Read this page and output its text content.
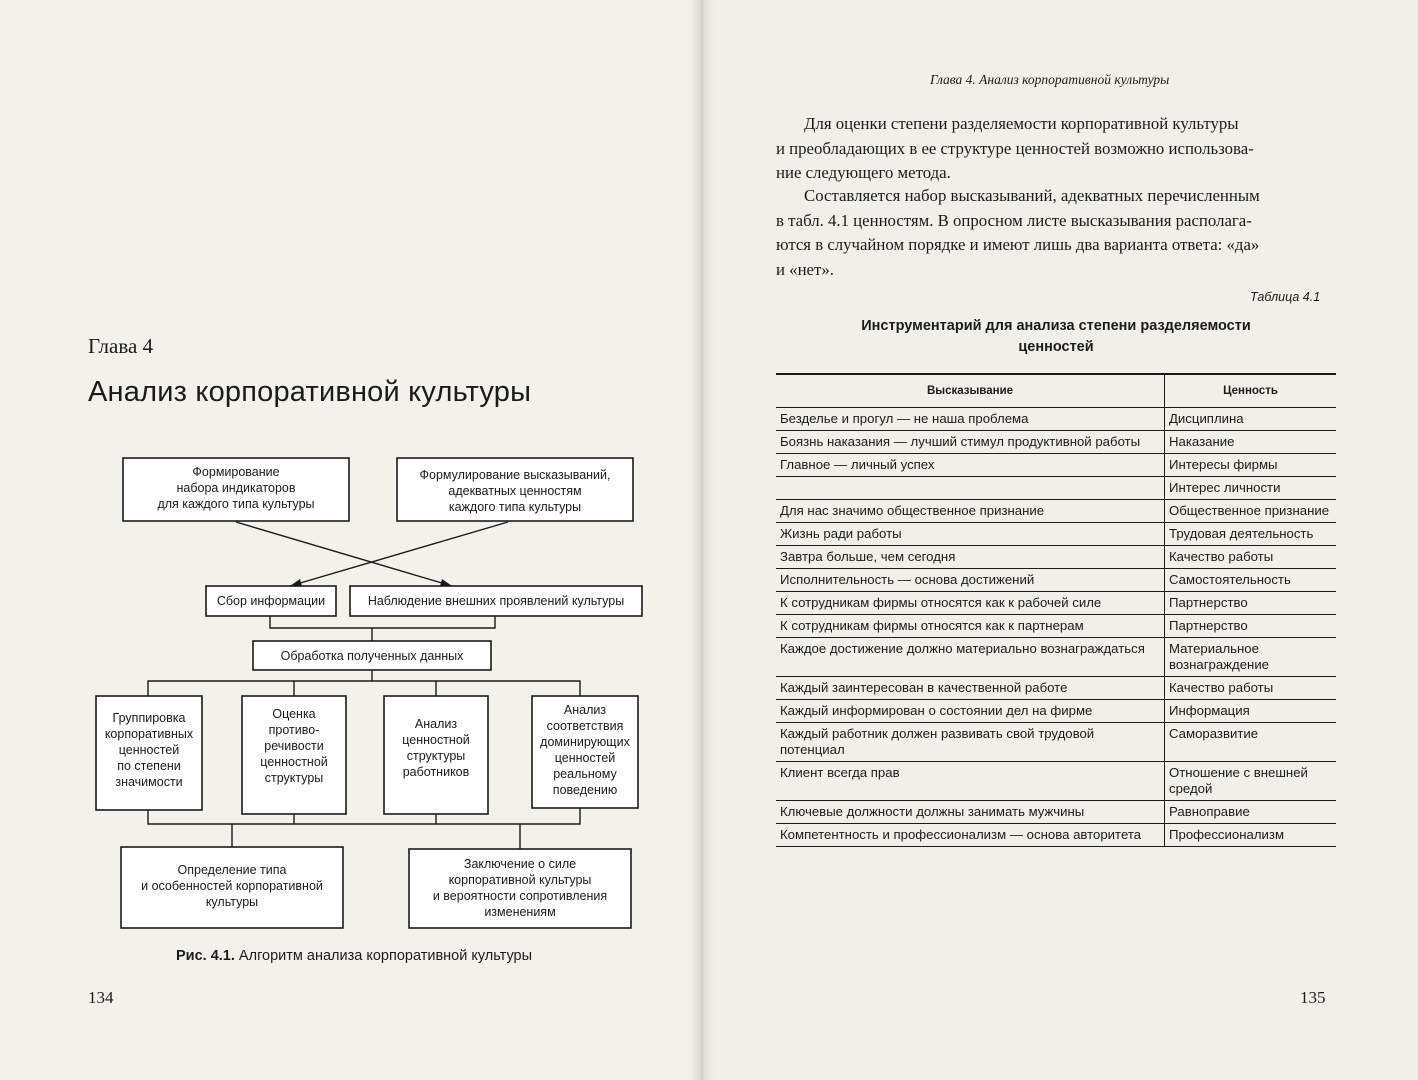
Глава 4
Анализ корпоративной культуры
Формирование
набора индикаторов
для каждого типа культуры
Формулирование высказываний,
адекватных ценностям
каждого типа культуры
Сбор информации	Наблюдение внешних проявлений культуры
Обработка полученных данных
Группировка
корпоративных
ценностей
по степени
значимости
Оценка
противо-
речивости
ценностной
структуры
Анализ
ценностной
структуры
работников
Анализ
соответствия
доминирующих
ценностей
реальному
поведению
Определение типа
и особенностей корпоративной
культуры
Заключение о силе
корпоративной культуры
и вероятности сопротивления
изменениям
Рис. 4.1. Алгоритм анализа корпоративной культуры
134
Глава 4. Анализ корпоративной культуры
Для оценки степени разделяемости корпоративной культуры
и преобладающих в ее структуре ценностей возможно использова-
ние следующего метода.
Составляется набор высказываний, адекватных перечисленным
в табл. 4.1 ценностям. В опросном листе высказывания располага-
ются в случайном порядке и имеют лишь два варианта ответа: «да»
и «нет».
Таблица 4.1
Инструментарий для анализа степени разделяемости
ценностей
Высказывание	Ценность
Безделье и прогул — не наша проблема	Дисциплина
Боязнь наказания — лучший стимул продуктивной работы	Наказание
Главное — личный успех	Интересы фирмы
	Интерес личности
Для нас значимо общественное признание	Общественное признание
Жизнь ради работы	Трудовая деятельность
Завтра больше, чем сегодня	Качество работы
Исполнительность — основа достижений	Самостоятельность
К сотрудникам фирмы относятся как к рабочей силе	Партнерство
К сотрудникам фирмы относятся как к партнерам	Партнерство
Каждое достижение должно материально вознаграждаться	Материальное вознаграждение
Каждый заинтересован в качественной работе	Качество работы
Каждый информирован о состоянии дел на фирме	Информация
Каждый работник должен развивать свой трудовой потенциал	Саморазвитие
Клиент всегда прав	Отношение с внешней средой
Ключевые должности должны занимать мужчины	Равноправие
Компетентность и профессионализм — основа авторитета	Профессионализм
135
